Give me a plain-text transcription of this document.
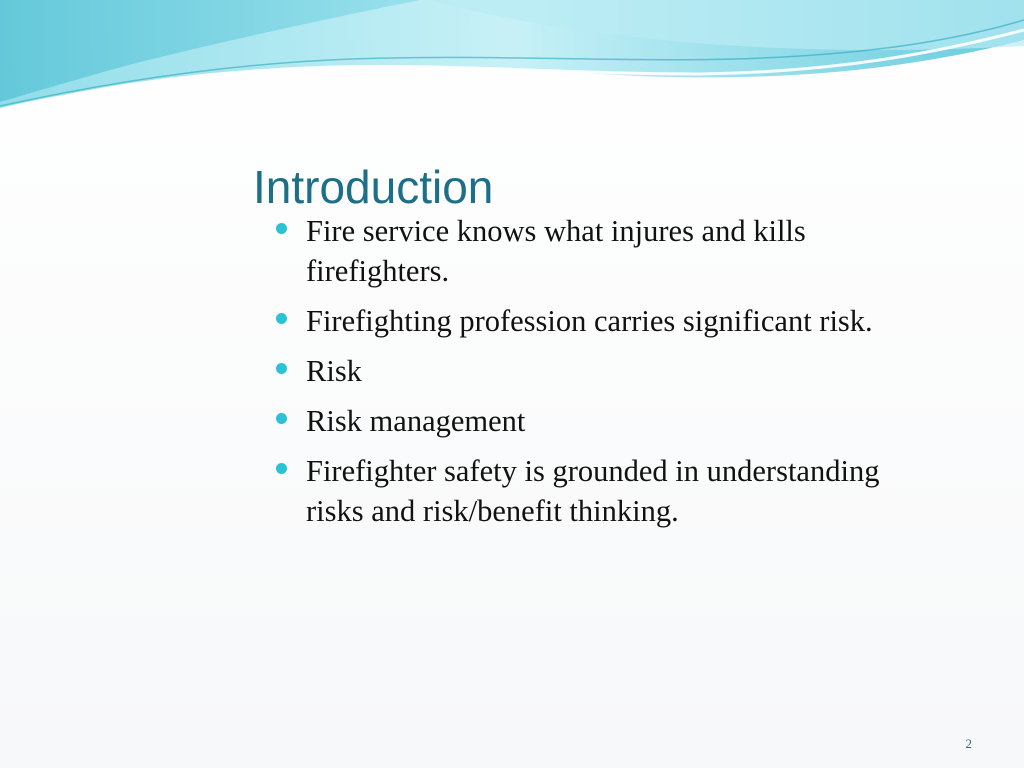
Introduction
Fire service knows what injures and kills firefighters.
Firefighting profession carries significant risk.
Risk
Risk management
Firefighter safety is grounded in understanding risks and risk/benefit thinking.
2
